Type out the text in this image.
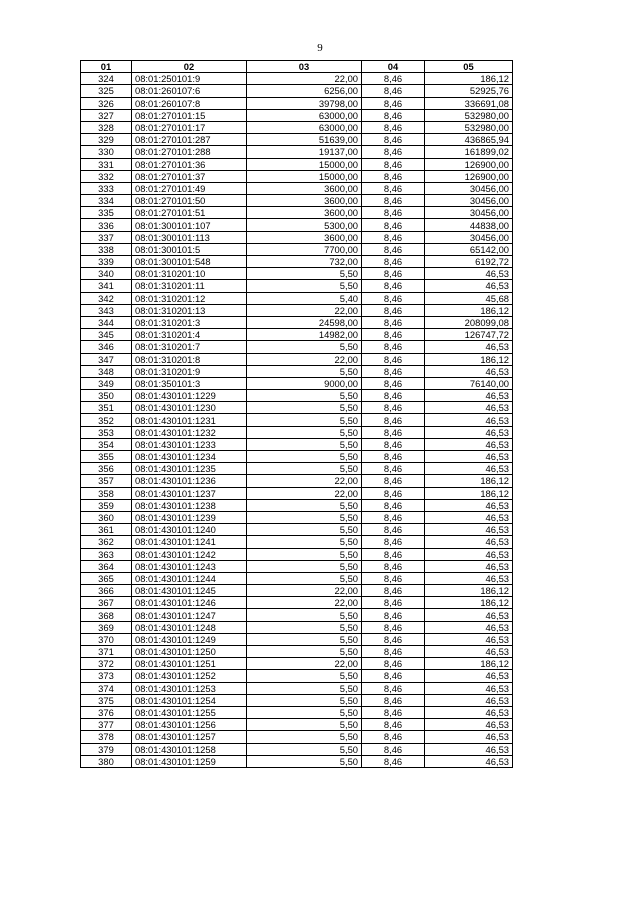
9
01	02	03	04	05
324	08:01:250101:9	22,00	8,46	186,12
325	08:01:260107:6	6256,00	8,46	52925,76
326	08:01:260107:8	39798,00	8,46	336691,08
327	08:01:270101:15	63000,00	8,46	532980,00
328	08:01:270101:17	63000,00	8,46	532980,00
329	08:01:270101:287	51639,00	8,46	436865,94
330	08:01:270101:288	19137,00	8,46	161899,02
331	08:01:270101:36	15000,00	8,46	126900,00
332	08:01:270101:37	15000,00	8,46	126900,00
333	08:01:270101:49	3600,00	8,46	30456,00
334	08:01:270101:50	3600,00	8,46	30456,00
335	08:01:270101:51	3600,00	8,46	30456,00
336	08:01:300101:107	5300,00	8,46	44838,00
337	08:01:300101:113	3600,00	8,46	30456,00
338	08:01:300101:5	7700,00	8,46	65142,00
339	08:01:300101:548	732,00	8,46	6192,72
340	08:01:310201:10	5,50	8,46	46,53
341	08:01:310201:11	5,50	8,46	46,53
342	08:01:310201:12	5,40	8,46	45,68
343	08:01:310201:13	22,00	8,46	186,12
344	08:01:310201:3	24598,00	8,46	208099,08
345	08:01:310201:4	14982,00	8,46	126747,72
346	08:01:310201:7	5,50	8,46	46,53
347	08:01:310201:8	22,00	8,46	186,12
348	08:01:310201:9	5,50	8,46	46,53
349	08:01:350101:3	9000,00	8,46	76140,00
350	08:01:430101:1229	5,50	8,46	46,53
351	08:01:430101:1230	5,50	8,46	46,53
352	08:01:430101:1231	5,50	8,46	46,53
353	08:01:430101:1232	5,50	8,46	46,53
354	08:01:430101:1233	5,50	8,46	46,53
355	08:01:430101:1234	5,50	8,46	46,53
356	08:01:430101:1235	5,50	8,46	46,53
357	08:01:430101:1236	22,00	8,46	186,12
358	08:01:430101:1237	22,00	8,46	186,12
359	08:01:430101:1238	5,50	8,46	46,53
360	08:01:430101:1239	5,50	8,46	46,53
361	08:01:430101:1240	5,50	8,46	46,53
362	08:01:430101:1241	5,50	8,46	46,53
363	08:01:430101:1242	5,50	8,46	46,53
364	08:01:430101:1243	5,50	8,46	46,53
365	08:01:430101:1244	5,50	8,46	46,53
366	08:01:430101:1245	22,00	8,46	186,12
367	08:01:430101:1246	22,00	8,46	186,12
368	08:01:430101:1247	5,50	8,46	46,53
369	08:01:430101:1248	5,50	8,46	46,53
370	08:01:430101:1249	5,50	8,46	46,53
371	08:01:430101:1250	5,50	8,46	46,53
372	08:01:430101:1251	22,00	8,46	186,12
373	08:01:430101:1252	5,50	8,46	46,53
374	08:01:430101:1253	5,50	8,46	46,53
375	08:01:430101:1254	5,50	8,46	46,53
376	08:01:430101:1255	5,50	8,46	46,53
377	08:01:430101:1256	5,50	8,46	46,53
378	08:01:430101:1257	5,50	8,46	46,53
379	08:01:430101:1258	5,50	8,46	46,53
380	08:01:430101:1259	5,50	8,46	46,53
